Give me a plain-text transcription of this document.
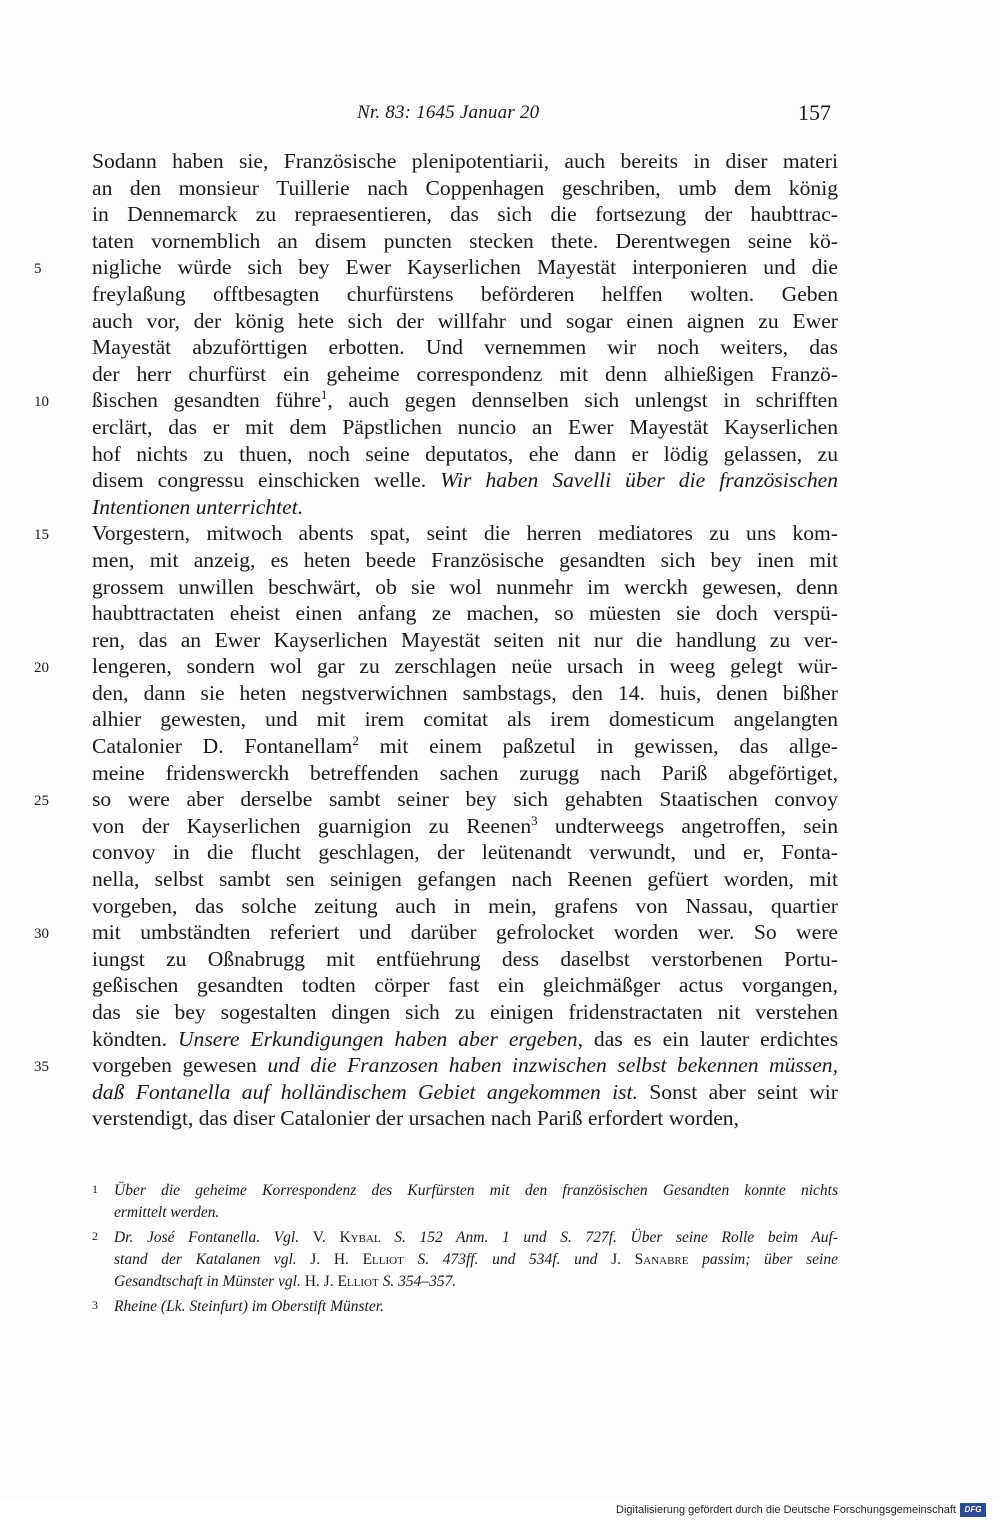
Nr. 83: 1645 Januar 20	157
Sodann haben sie, Französische plenipotentiarii, auch bereits in diser materi
an den monsieur Tuillerie nach Coppenhagen geschriben, umb dem könig
in Dennemarck zu repraesentieren, das sich die fortsezung der haubttrac-
taten vornemblich an disem puncten stecken thete. Derentwegen seine kö-
5	nigliche würde sich bey Ewer Kayserlichen Mayestät interponieren und die
freylaßung offtbesagten churfürstens beförderen helffen wolten. Geben
auch vor, der könig hete sich der willfahr und sogar einen aignen zu Ewer
Mayestät abzuförttigen erbotten. Und vernemmen wir noch weiters, das
der herr churfürst ein geheime correspondenz mit denn alhießigen Franzö-
10	ßischen gesandten führe$^1$, auch gegen dennselben sich unlengst in schrifften
erclärt, das er mit dem Päpstlichen nuncio an Ewer Mayestät Kayserlichen
hof nichts zu thuen, noch seine deputatos, ehe dann er lödig gelassen, zu
disem congressu einschicken welle. Wir haben Savelli über die französischen
Intentionen unterrichtet.
15	Vorgestern, mitwoch abents spat, seint die herren mediatores zu uns kom-
men, mit anzeig, es heten beede Französische gesandten sich bey inen mit
grossem unwillen beschwärt, ob sie wol nunmehr im werckh gewesen, denn
haubttractaten eheist einen anfang ze machen, so müesten sie doch verspü-
ren, das an Ewer Kayserlichen Mayestät seiten nit nur die handlung zu ver-
20	lengeren, sondern wol gar zu zerschlagen neüe ursach in weeg gelegt wür-
den, dann sie heten negstverwichnen sambstags, den 14. huis, denen bißher
alhier gewesten, und mit irem comitat als irem domesticum angelangten
Catalonier D. Fontanellam$^2$ mit einem paßzetul in gewissen, das allge-
meine fridenswerckh betreffenden sachen zurugg nach Pariß abgeförtiget,
25	so were aber derselbe sambt seiner bey sich gehabten Staatischen convoy
von der Kayserlichen guarnigion zu Reenen$^3$ undterweegs angetroffen, sein
convoy in die flucht geschlagen, der leütenandt verwundt, und er, Fonta-
nella, selbst sambt sen seinigen gefangen nach Reenen gefüert worden, mit
vorgeben, das solche zeitung auch in mein, grafens von Nassau, quartier
30	mit umbständten referiert und darüber gefrolocket worden wer. So were
iungst zu Oßnabrugg mit entfüehrung dess daselbst verstorbenen Portu-
geßischen gesandten todten cörper fast ein gleichmäßger actus vorgangen,
das sie bey sogestalten dingen sich zu einigen fridenstractaten nit verstehen
köndten. Unsere Erkundigungen haben aber ergeben, das es ein lauter erdichtes
35	vorgeben gewesen und die Franzosen haben inzwischen selbst bekennen müssen,
daß Fontanella auf holländischem Gebiet angekommen ist. Sonst aber seint wir
verstendigt, das diser Catalonier der ursachen nach Pariß erfordert worden,
1 Über die geheime Korrespondenz des Kurfürsten mit den französischen Gesandten konnte nichts
ermittelt werden.
2 Dr. José Fontanella. Vgl. V. Kybal S. 152 Anm. 1 und S. 727f. Über seine Rolle beim Auf-
stand der Katalanen vgl. J. H. Elliot S. 473ff. und 534f. und J. Sanabre passim; über seine
Gesandtschaft in Münster vgl. H. J. Elliot S. 354–357.
3 Rheine (Lk. Steinfurt) im Oberstift Münster.
Digitalisierung gefördert durch die Deutsche Forschungsgemeinschaft	DFG
